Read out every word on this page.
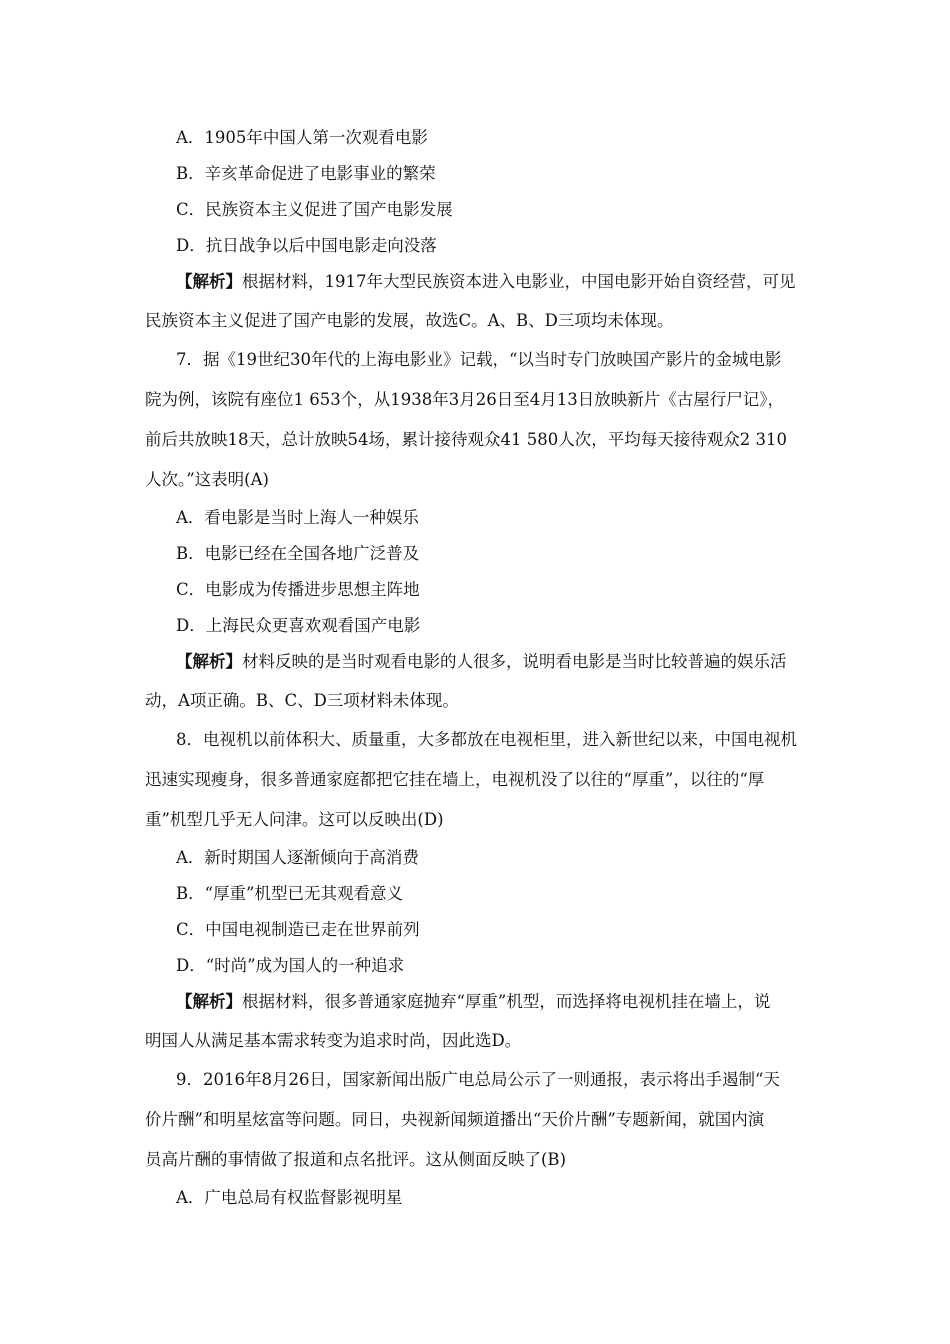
A．1905年中国人第一次观看电影
B．辛亥革命促进了电影事业的繁荣
C．民族资本主义促进了国产电影发展
D．抗日战争以后中国电影走向没落
【解析】根据材料，1917年大型民族资本进入电影业，中国电影开始自资经营，可见
民族资本主义促进了国产电影的发展，故选C。A、B、D三项均未体现。
7．据《19世纪30年代的上海电影业》记载，“以当时专门放映国产影片的金城电影
院为例，该院有座位1 653个，从1938年3月26日至4月13日放映新片《古屋行尸记》，
前后共放映18天，总计放映54场，累计接待观众41 580人次，平均每天接待观众2 310
人次。”这表明(A)
A．看电影是当时上海人一种娱乐
B．电影已经在全国各地广泛普及
C．电影成为传播进步思想主阵地
D．上海民众更喜欢观看国产电影
【解析】材料反映的是当时观看电影的人很多，说明看电影是当时比较普遍的娱乐活
动，A项正确。B、C、D三项材料未体现。
8．电视机以前体积大、质量重，大多都放在电视柜里，进入新世纪以来，中国电视机
迅速实现瘦身，很多普通家庭都把它挂在墙上，电视机没了以往的“厚重”，以往的“厚
重”机型几乎无人问津。这可以反映出(D)
A．新时期国人逐渐倾向于高消费
B．“厚重”机型已无其观看意义
C．中国电视制造已走在世界前列
D．“时尚”成为国人的一种追求
【解析】根据材料，很多普通家庭抛弃“厚重”机型，而选择将电视机挂在墙上，说
明国人从满足基本需求转变为追求时尚，因此选D。
9．2016年8月26日，国家新闻出版广电总局公示了一则通报，表示将出手遏制“天
价片酬”和明星炫富等问题。同日，央视新闻频道播出“天价片酬”专题新闻，就国内演
员高片酬的事情做了报道和点名批评。这从侧面反映了(B)
A．广电总局有权监督影视明星
